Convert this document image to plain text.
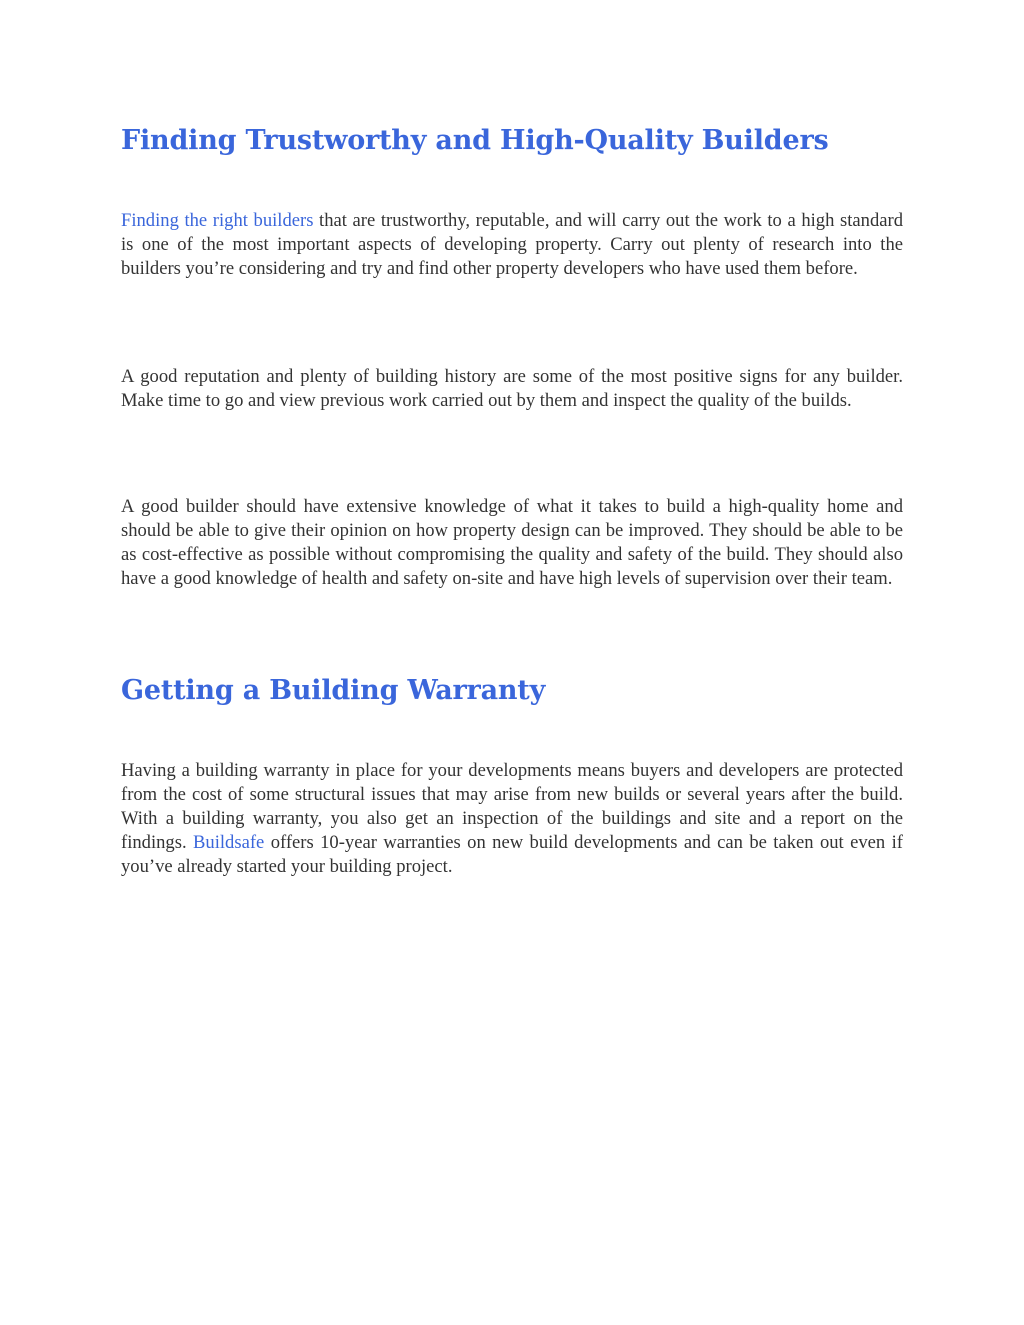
Finding Trustworthy and High-Quality Builders

Finding the right builders that are trustworthy, reputable, and will carry out the work to a high standard is one of the most important aspects of developing property. Carry out plenty of research into the builders you’re considering and try and find other property developers who have used them before.

A good reputation and plenty of building history are some of the most positive signs for any builder. Make time to go and view previous work carried out by them and inspect the quality of the builds.

A good builder should have extensive knowledge of what it takes to build a high-quality home and should be able to give their opinion on how property design can be improved. They should be able to be as cost-effective as possible without compromising the quality and safety of the build. They should also have a good knowledge of health and safety on-site and have high levels of supervision over their team.

Getting a Building Warranty

Having a building warranty in place for your developments means buyers and developers are protected from the cost of some structural issues that may arise from new builds or several years after the build. With a building warranty, you also get an inspection of the buildings and site and a report on the findings. Buildsafe offers 10-year warranties on new build developments and can be taken out even if you’ve already started your building project.
